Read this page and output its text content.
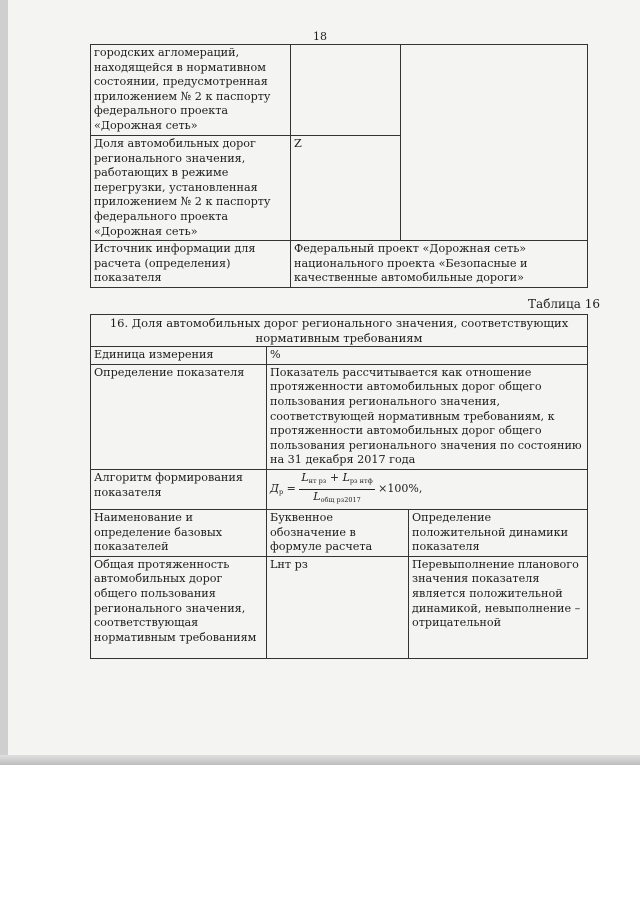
18
городских агломераций, находящейся в нормативном состоянии, предусмотренная приложением № 2 к паспорту федерального проекта «Дорожная сеть»		
Доля автомобильных дорог регионального значения, работающих в режиме перегрузки, установленная приложением № 2 к паспорту федерального проекта «Дорожная сеть»	Z	
Источник информации для расчета (определения) показателя	Федеральный проект «Дорожная сеть» национального проекта «Безопасные и качественные автомобильные дороги»	
Таблица 16
16. Доля автомобильных дорог регионального значения, соответствующих нормативным требованиям		
Единица измерения	%	
Определение показателя	Показатель рассчитывается как отношение протяженности автомобильных дорог общего пользования регионального значения, соответствующей нормативным требованиям, к протяженности автомобильных дорог общего пользования регионального значения по состоянию на 31 декабря 2017 года	
Алгоритм формирования показателя	$Д_р = \frac{L_{нт рз} + L_{рз нтф}}{L_{общ рз2017}} \times 100\%$,	
Наименование и определение базовых показателей	Буквенное обозначение в формуле расчета	Определение положительной динамики показателя
Общая протяженность автомобильных дорог общего пользования регионального значения, соответствующая нормативным требованиям	Lнт рз	Перевыполнение планового значения показателя является положительной динамикой, невыполнение – отрицательной
